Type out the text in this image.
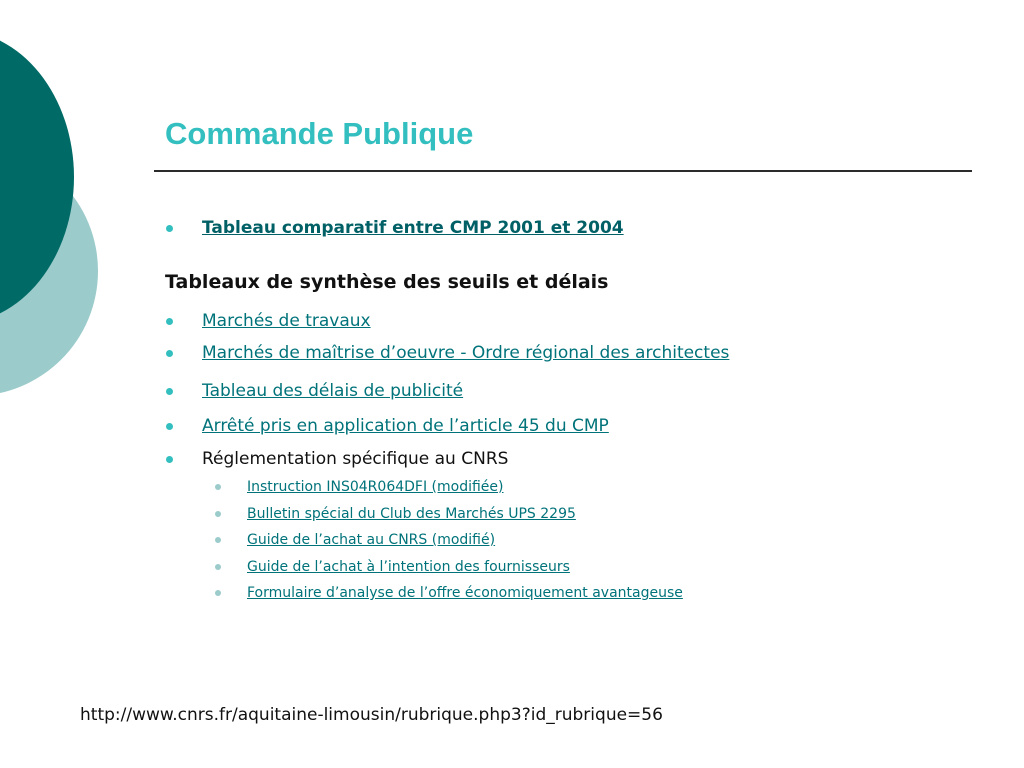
Commande Publique
Tableau comparatif entre CMP 2001 et 2004
Tableaux de synthèse des seuils et délais
Marchés de travaux
Marchés de maîtrise d’oeuvre - Ordre régional des architectes
Tableau des délais de publicité
Arrêté pris en application de l’article 45 du CMP
Réglementation spécifique au CNRS
Instruction INS04R064DFI (modifiée)
Bulletin spécial du Club des Marchés UPS 2295
Guide de l’achat au CNRS (modifié)
Guide de l’achat à l’intention des fournisseurs
Formulaire d’analyse de l’offre économiquement avantageuse
http://www.cnrs.fr/aquitaine-limousin/rubrique.php3?id_rubrique=56
